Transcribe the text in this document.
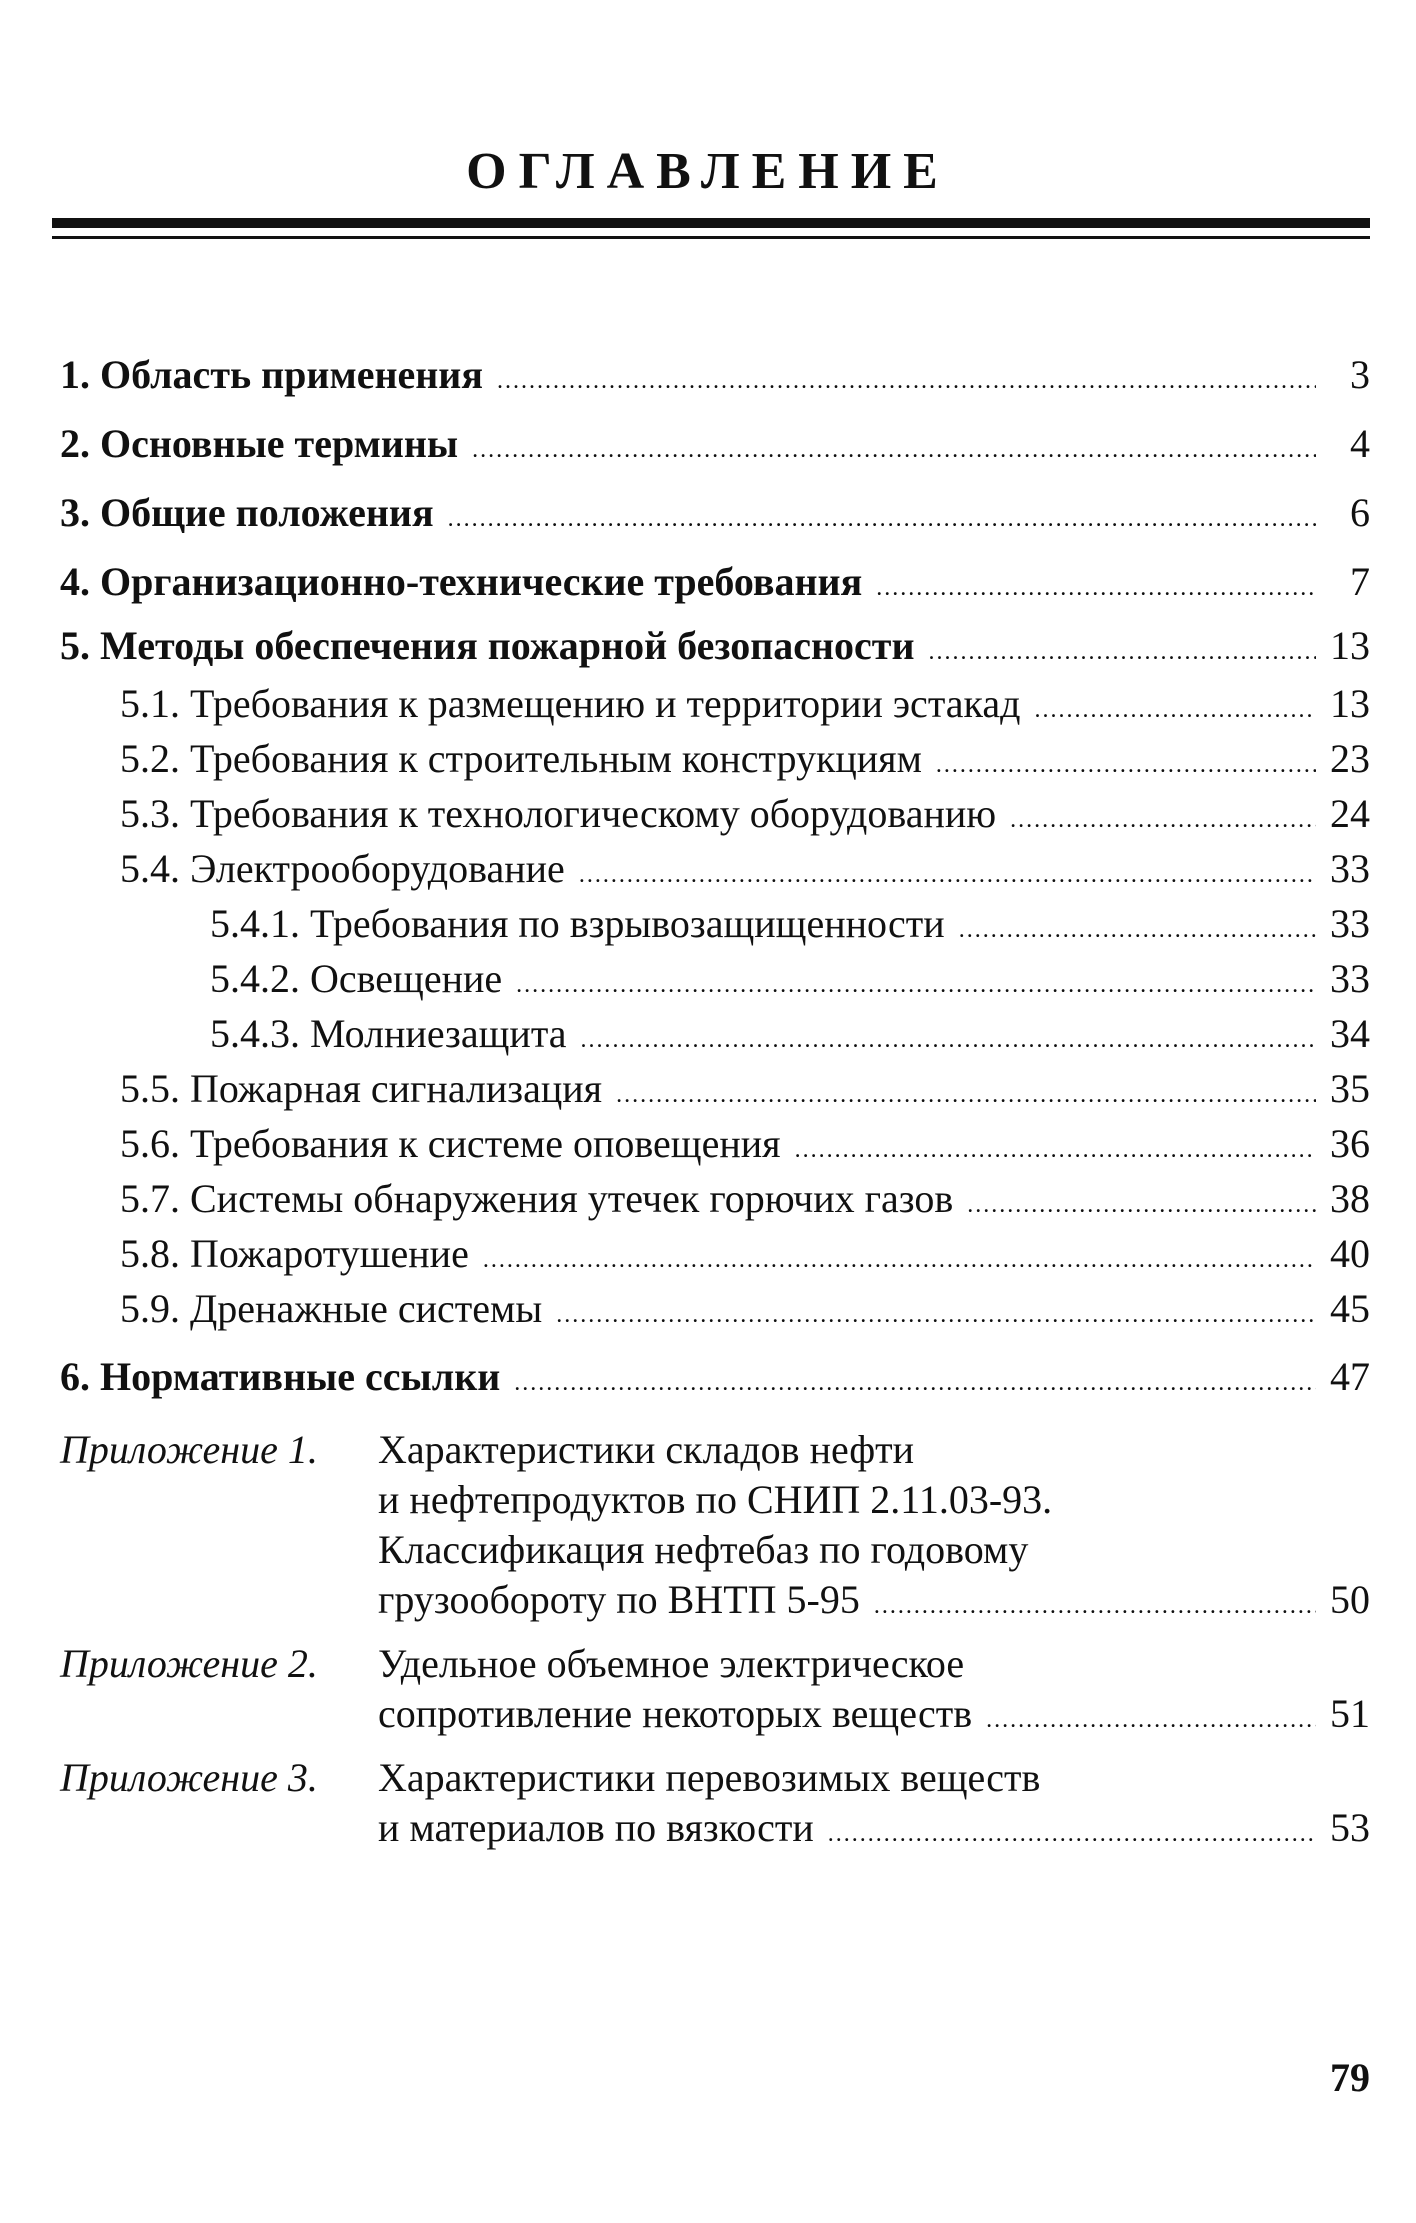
ОГЛАВЛЕНИЕ
1. Область применения .....	3
2. Основные термины .....	4
3. Общие положения .....	6
4. Организационно-технические требования .....	7
5. Методы обеспечения пожарной безопасности .....	13
5.1. Требования к размещению и территории эстакад .....	13
5.2. Требования к строительным конструкциям .....	23
5.3. Требования к технологическому оборудованию .....	24
5.4. Электрооборудование .....	33
5.4.1. Требования по взрывозащищенности .....	33
5.4.2. Освещение .....	33
5.4.3. Молниезащита .....	34
5.5. Пожарная сигнализация .....	35
5.6. Требования к системе оповещения .....	36
5.7. Системы обнаружения утечек горючих газов .....	38
5.8. Пожаротушение .....	40
5.9. Дренажные системы .....	45
6. Нормативные ссылки .....	47
Приложение 1. Характеристики складов нефти
и нефтепродуктов по СНИП 2.11.03-93.
Классификация нефтебаз по годовому
грузообороту по ВНТП 5-95 .....	50
Приложение 2. Удельное объемное электрическое
сопротивление некоторых веществ .....	51
Приложение 3. Характеристики перевозимых веществ
и материалов по вязкости .....	53
79
